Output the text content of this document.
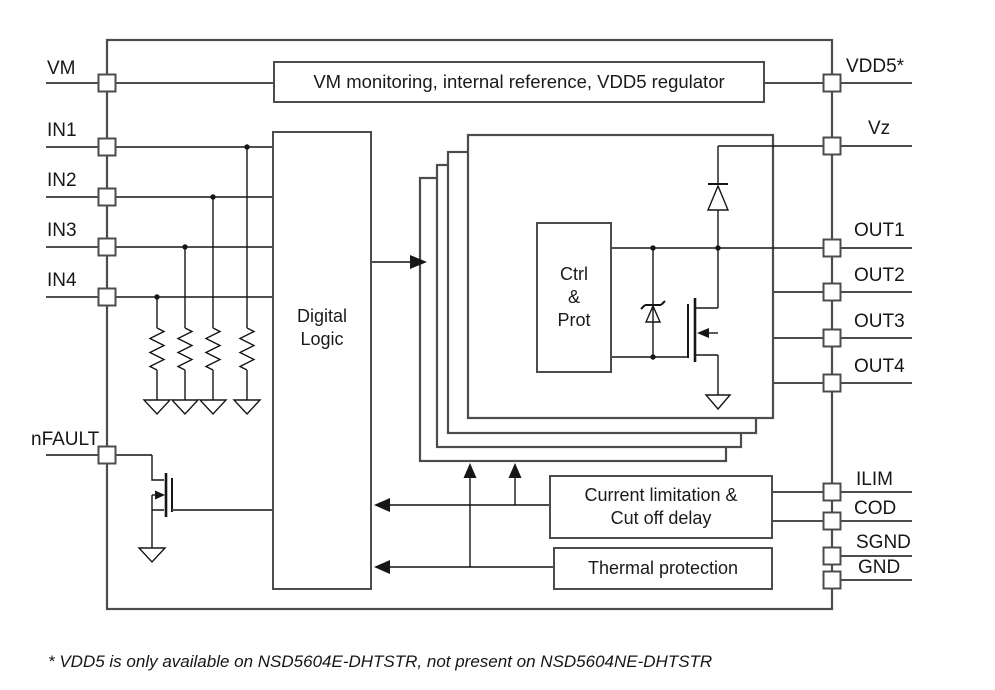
VM monitoring, internal reference, VDD5 regulator
Digital
Logic
Ctrl
&
Prot
Current limitation &
Cut off delay
Thermal protection
VM
IN1
IN2
IN3
IN4
nFAULT
VDD5*
Vz
OUT1
OUT2
OUT3
OUT4
ILIM
COD
SGND
GND
* VDD5 is only available on NSD5604E-DHTSTR, not present on NSD5604NE-DHTSTR
